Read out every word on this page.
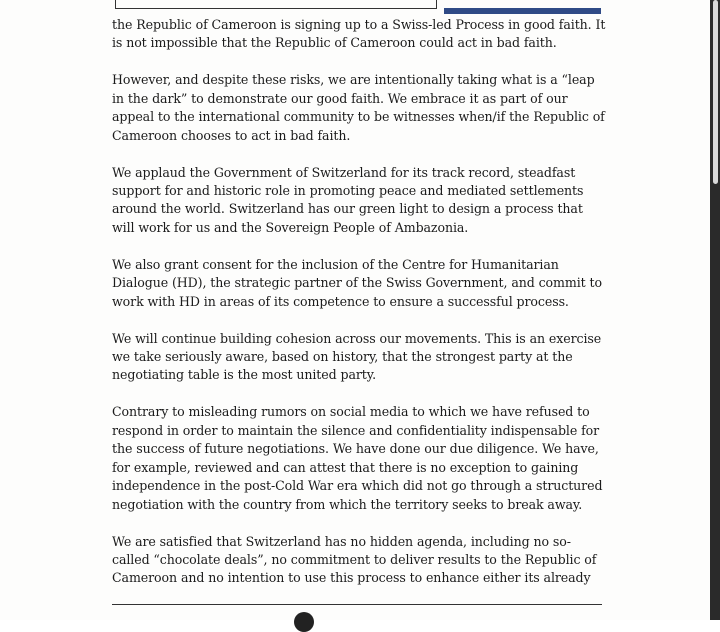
the Republic of Cameroon is signing up to a Swiss-led Process in good faith. It is not impossible that the Republic of Cameroon could act in bad faith.

However, and despite these risks, we are intentionally taking what is a “leap in the dark” to demonstrate our good faith. We embrace it as part of our appeal to the international community to be witnesses when/if the Republic of Cameroon chooses to act in bad faith.

We applaud the Government of Switzerland for its track record, steadfast support for and historic role in promoting peace and mediated settlements around the world. Switzerland has our green light to design a process that will work for us and the Sovereign People of Ambazonia.

We also grant consent for the inclusion of the Centre for Humanitarian Dialogue (HD), the strategic partner of the Swiss Government, and commit to work with HD in areas of its competence to ensure a successful process.

We will continue building cohesion across our movements. This is an exercise we take seriously aware, based on history, that the strongest party at the negotiating table is the most united party.

Contrary to misleading rumors on social media to which we have refused to respond in order to maintain the silence and confidentiality indispensable for the success of future negotiations. We have done our due diligence. We have, for example, reviewed and can attest that there is no exception to gaining independence in the post-Cold War era which did not go through a structured negotiation with the country from which the territory seeks to break away.

We are satisfied that Switzerland has no hidden agenda, including no so-called “chocolate deals”, no commitment to deliver results to the Republic of Cameroon and no intention to use this process to enhance either its already
